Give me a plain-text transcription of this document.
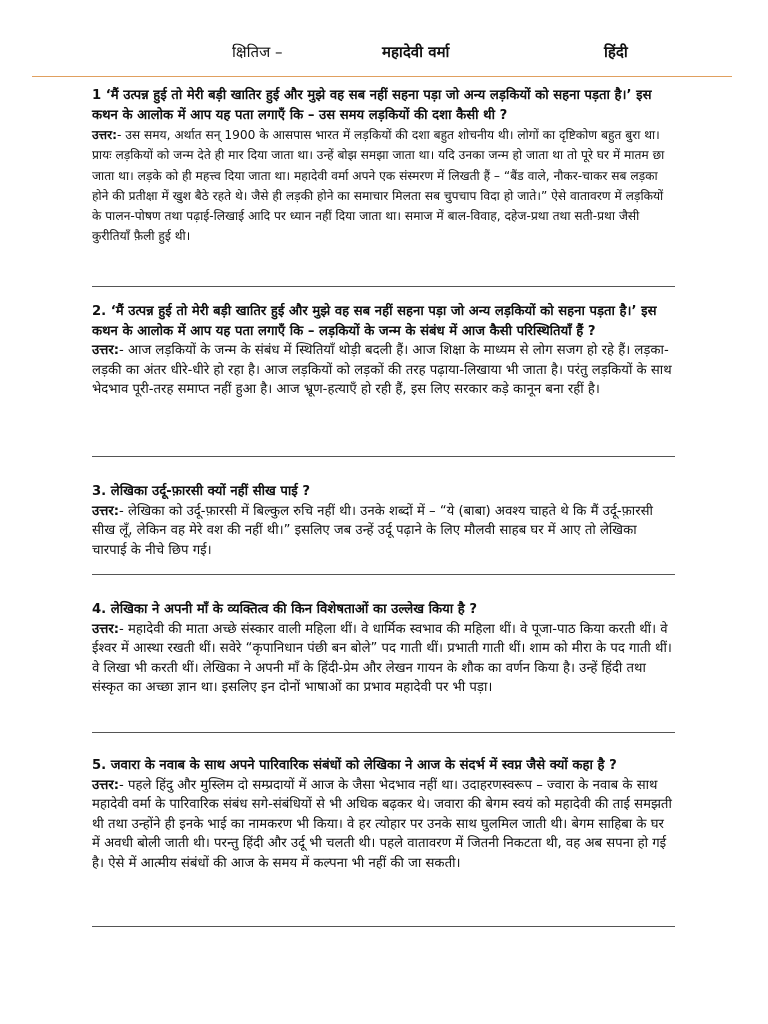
क्षितिज –	महादेवी वर्मा	हिंदी

1 ‘मैं उत्पन्न हुई तो मेरी बड़ी खातिर हुई और मुझे वह सब नहीं सहना पड़ा जो अन्य लड़कियों को सहना पड़ता है।’ इस कथन के आलोक में आप यह पता लगाएँ कि – उस समय लड़कियों की दशा कैसी थी ?

उत्तर:- उस समय, अर्थात सन् 1900 के आसपास भारत में लड़कियों की दशा बहुत शोचनीय थी। लोगों का दृष्टिकोण बहुत बुरा था। प्रायः लड़कियों को जन्म देते ही मार दिया जाता था। उन्हें बोझ समझा जाता था। यदि उनका जन्म हो जाता था तो पूरे घर में मातम छा जाता था। लड़के को ही महत्त्व दिया जाता था। महादेवी वर्मा अपने एक संस्मरण में लिखती हैं – “बैंड वाले, नौकर-चाकर सब लड़का होने की प्रतीक्षा में खुश बैठे रहते थे। जैसे ही लड़की होने का समाचार मिलता सब चुपचाप विदा हो जाते।” ऐसे वातावरण में लड़कियों के पालन-पोषण तथा पढ़ाई-लिखाई आदि पर ध्यान नहीं दिया जाता था। समाज में बाल-विवाह, दहेज-प्रथा तथा सती-प्रथा जैसी कुरीतियाँ फ़ैली हुई थी।

2. ‘मैं उत्पन्न हुई तो मेरी बड़ी खातिर हुई और मुझे वह सब नहीं सहना पड़ा जो अन्य लड़कियों को सहना पड़ता है।’ इस कथन के आलोक में आप यह पता लगाएँ कि – लड़कियों के जन्म के संबंध में आज कैसी परिस्थितियाँ हैं ?

उत्तर:- आज लड़कियों के जन्म के संबंध में स्थितियाँ थोड़ी बदली हैं। आज शिक्षा के माध्यम से लोग सजग हो रहे हैं। लड़का-लड़की का अंतर धीरे-धीरे हो रहा है। आज लड़कियों को लड़कों की तरह पढ़ाया-लिखाया भी जाता है। परंतु लड़कियों के साथ भेदभाव पूरी-तरह समाप्त नहीं हुआ है। आज भ्रूण-हत्याएँ हो रही हैं, इस लिए सरकार कड़े कानून बना रहीं है।

3. लेखिका उर्दू-फ़ारसी क्यों नहीं सीख पाई ?

उत्तर:- लेखिका को उर्दू-फ़ारसी में बिल्कुल रुचि नहीं थी। उनके शब्दों में – “ये (बाबा) अवश्य चाहते थे कि मैं उर्दू-फ़ारसी सीख लूँ, लेकिन वह मेरे वश की नहीं थी।” इसलिए जब उन्हें उर्दू पढ़ाने के लिए मौलवी साहब घर में आए तो लेखिका चारपाई के नीचे छिप गई।

4. लेखिका ने अपनी माँ के व्यक्तित्व की किन विशेषताओं का उल्लेख किया है ?

उत्तर:- महादेवी की माता अच्छे संस्कार वाली महिला थीं। वे धार्मिक स्वभाव की महिला थीं। वे पूजा-पाठ किया करती थीं। वे ईश्वर में आस्था रखती थीं। सवेरे “कृपानिधान पंछी बन बोले” पद गाती थीं। प्रभाती गाती थीं। शाम को मीरा के पद गाती थीं। वे लिखा भी करती थीं। लेखिका ने अपनी माँ के हिंदी-प्रेम और लेखन गायन के शौक का वर्णन किया है। उन्हें हिंदी तथा संस्कृत का अच्छा ज्ञान था। इसलिए इन दोनों भाषाओं का प्रभाव महादेवी पर भी पड़ा।

5. जवारा के नवाब के साथ अपने पारिवारिक संबंधों को लेखिका ने आज के संदर्भ में स्वप्न जैसे क्यों कहा है ?

उत्तर:- पहले हिंदु और मुस्लिम दो सम्प्रदायों में आज के जैसा भेदभाव नहीं था। उदाहरणस्वरूप – ज्वारा के नवाब के साथ महादेवी वर्मा के पारिवारिक संबंध सगे-संबंधियों से भी अधिक बढ़कर थे। जवारा की बेगम स्वयं को महादेवी की ताई समझती थी तथा उन्होंने ही इनके भाई का नामकरण भी किया। वे हर त्योहार पर उनके साथ घुलमिल जाती थी। बेगम साहिबा के घर में अवधी बोली जाती थी। परन्तु हिंदी और उर्दू भी चलती थी। पहले वातावरण में जितनी निकटता थी, वह अब सपना हो गई है। ऐसे में आत्मीय संबंधों की आज के समय में कल्पना भी नहीं की जा सकती।
